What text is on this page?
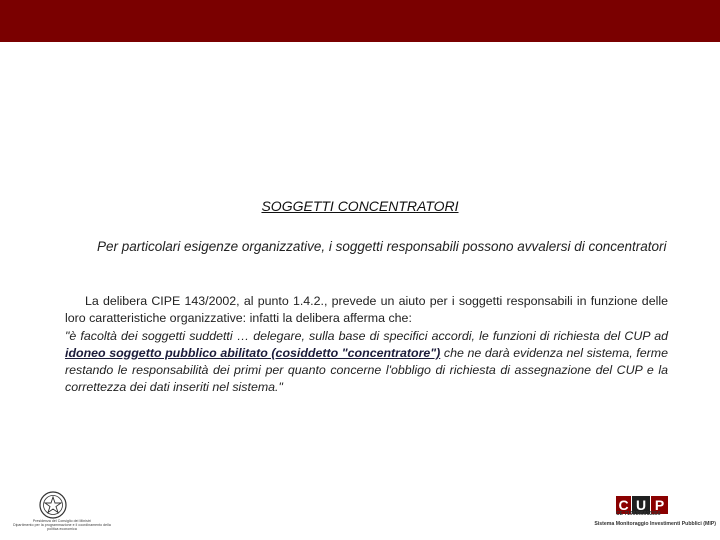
SOGGETTI CONCENTRATORI
Per particolari esigenze organizzative, i soggetti responsabili possono avvalersi di concentratori

La delibera CIPE 143/2002, al punto 1.4.2., prevede un aiuto per i soggetti responsabili in funzione delle loro caratteristiche organizzative: infatti la delibera afferma che:

"è facoltà dei soggetti suddetti … delegare, sulla base di specifici accordi, le funzioni di richiesta del CUP ad idoneo soggetto pubblico abilitato (cosiddetto "concentratore") che ne darà evidenza nel sistema, ferme restando le responsabilità dei primi per quanto concerne l'obbligo di richiesta di assegnazione del CUP e la correttezza dei dati inseriti nel sistema."

Presidenza del Consiglio dei Ministri
Dipartimento per la programmazione e il coordinamento della politica economica
C U P
CE 7190395013356
Sistema Monitoraggio Investimenti Pubblici (MIP)
